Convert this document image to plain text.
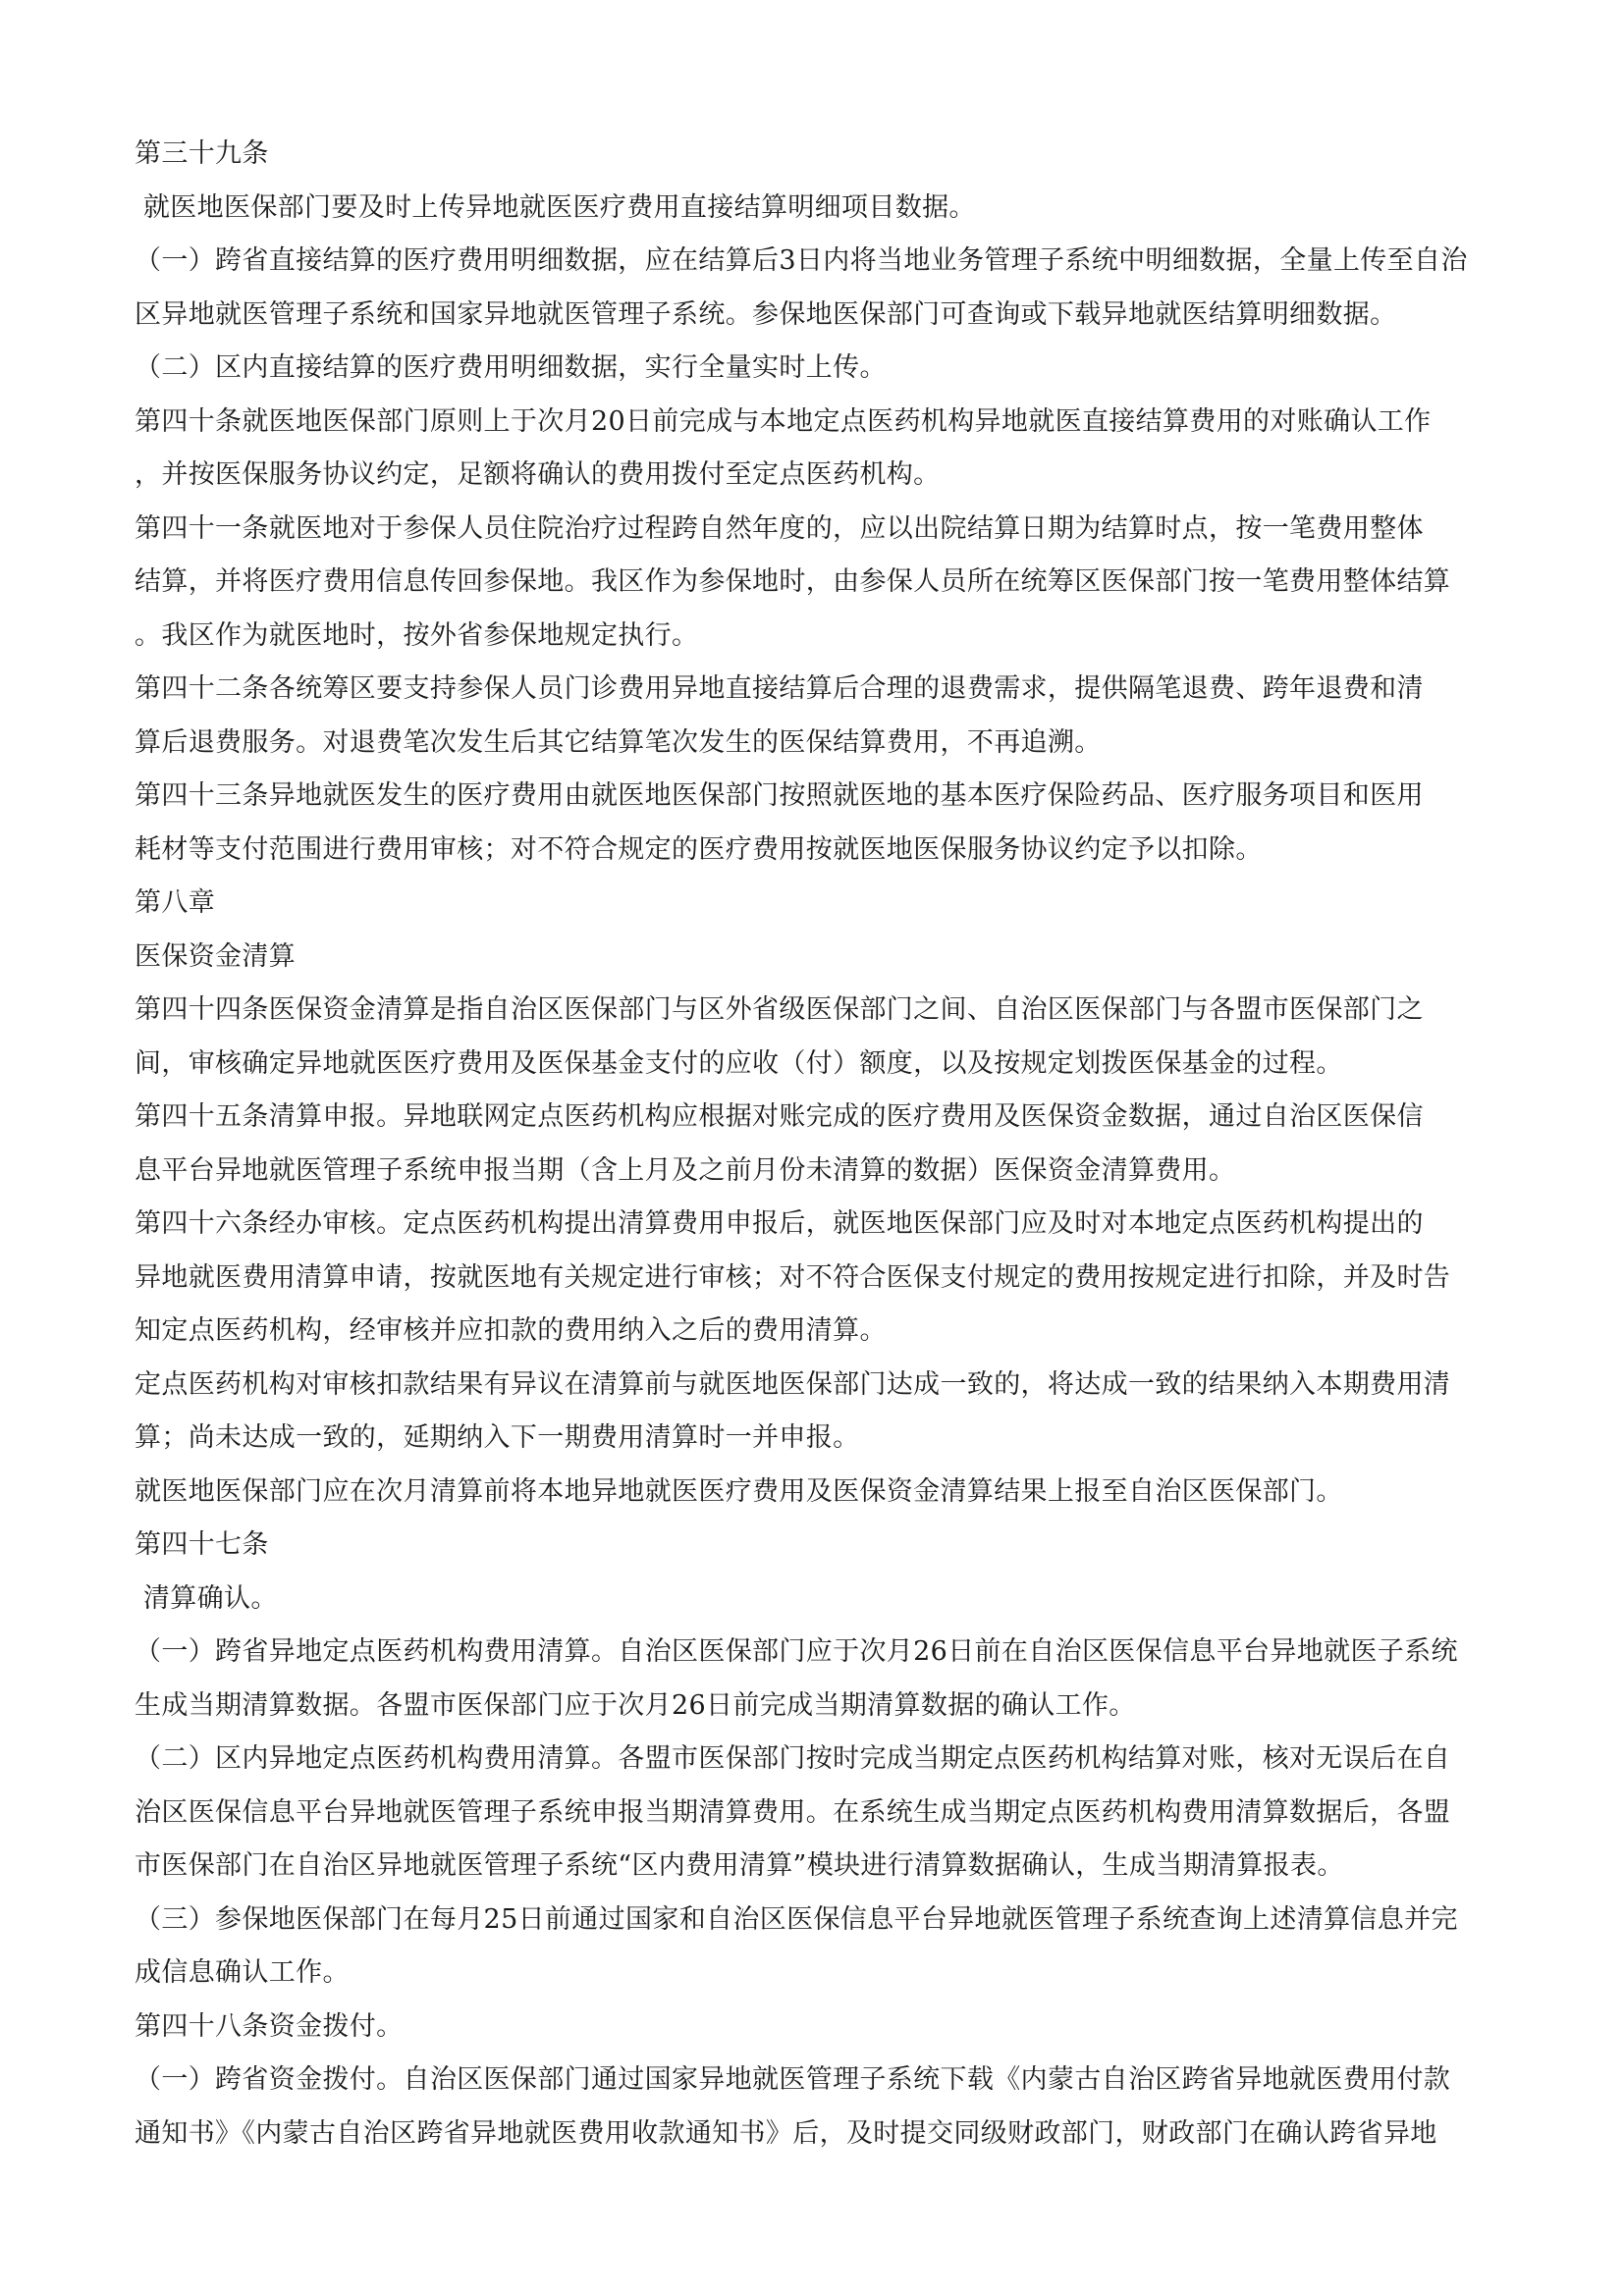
第三十九条
就医地医保部门要及时上传异地就医医疗费用直接结算明细项目数据。
（一）跨省直接结算的医疗费用明细数据，应在结算后3日内将当地业务管理子系统中明细数据，全量上传至自治
区异地就医管理子系统和国家异地就医管理子系统。参保地医保部门可查询或下载异地就医结算明细数据。
（二）区内直接结算的医疗费用明细数据，实行全量实时上传。
第四十条就医地医保部门原则上于次月20日前完成与本地定点医药机构异地就医直接结算费用的对账确认工作
，并按医保服务协议约定，足额将确认的费用拨付至定点医药机构。
第四十一条就医地对于参保人员住院治疗过程跨自然年度的，应以出院结算日期为结算时点，按一笔费用整体
结算，并将医疗费用信息传回参保地。我区作为参保地时，由参保人员所在统筹区医保部门按一笔费用整体结算
。我区作为就医地时，按外省参保地规定执行。
第四十二条各统筹区要支持参保人员门诊费用异地直接结算后合理的退费需求，提供隔笔退费、跨年退费和清
算后退费服务。对退费笔次发生后其它结算笔次发生的医保结算费用，不再追溯。
第四十三条异地就医发生的医疗费用由就医地医保部门按照就医地的基本医疗保险药品、医疗服务项目和医用
耗材等支付范围进行费用审核；对不符合规定的医疗费用按就医地医保服务协议约定予以扣除。
第八章
医保资金清算
第四十四条医保资金清算是指自治区医保部门与区外省级医保部门之间、自治区医保部门与各盟市医保部门之
间，审核确定异地就医医疗费用及医保基金支付的应收（付）额度，以及按规定划拨医保基金的过程。
第四十五条清算申报。异地联网定点医药机构应根据对账完成的医疗费用及医保资金数据，通过自治区医保信
息平台异地就医管理子系统申报当期（含上月及之前月份未清算的数据）医保资金清算费用。
第四十六条经办审核。定点医药机构提出清算费用申报后，就医地医保部门应及时对本地定点医药机构提出的
异地就医费用清算申请，按就医地有关规定进行审核；对不符合医保支付规定的费用按规定进行扣除，并及时告
知定点医药机构，经审核并应扣款的费用纳入之后的费用清算。
定点医药机构对审核扣款结果有异议在清算前与就医地医保部门达成一致的，将达成一致的结果纳入本期费用清
算；尚未达成一致的，延期纳入下一期费用清算时一并申报。
就医地医保部门应在次月清算前将本地异地就医医疗费用及医保资金清算结果上报至自治区医保部门。
第四十七条
清算确认。
（一）跨省异地定点医药机构费用清算。自治区医保部门应于次月26日前在自治区医保信息平台异地就医子系统
生成当期清算数据。各盟市医保部门应于次月26日前完成当期清算数据的确认工作。
（二）区内异地定点医药机构费用清算。各盟市医保部门按时完成当期定点医药机构结算对账，核对无误后在自
治区医保信息平台异地就医管理子系统申报当期清算费用。在系统生成当期定点医药机构费用清算数据后，各盟
市医保部门在自治区异地就医管理子系统“区内费用清算”模块进行清算数据确认，生成当期清算报表。
（三）参保地医保部门在每月25日前通过国家和自治区医保信息平台异地就医管理子系统查询上述清算信息并完
成信息确认工作。
第四十八条资金拨付。
（一）跨省资金拨付。自治区医保部门通过国家异地就医管理子系统下载《内蒙古自治区跨省异地就医费用付款
通知书》《内蒙古自治区跨省异地就医费用收款通知书》后，及时提交同级财政部门，财政部门在确认跨省异地
